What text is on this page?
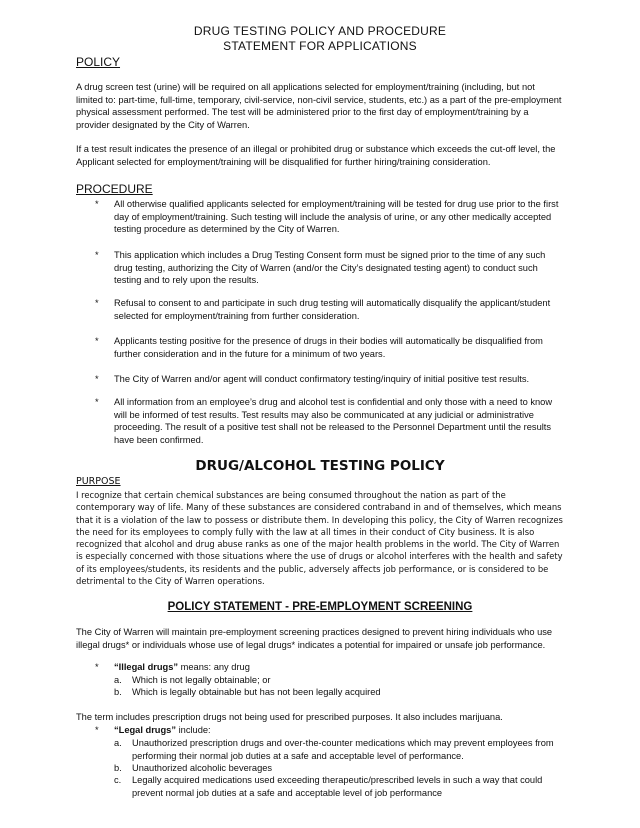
DRUG TESTING POLICY AND PROCEDURE
STATEMENT FOR APPLICATIONS
POLICY
A drug screen test (urine) will be required on all applications selected for employment/training (including, but not limited to: part-time, full-time, temporary, civil-service, non-civil service, students, etc.) as a part of the pre-employment physical assessment performed. The test will be administered prior to the first day of employment/training by a provider designated by the City of Warren.
If a test result indicates the presence of an illegal or prohibited drug or substance which exceeds the cut-off level, the Applicant selected for employment/training will be disqualified for further hiring/training consideration.
PROCEDURE
*	All otherwise qualified applicants selected for employment/training will be tested for drug use prior to the first day of employment/training. Such testing will include the analysis of urine, or any other medically accepted testing procedure as determined by the City of Warren.
*	This application which includes a Drug Testing Consent form must be signed prior to the time of any such drug testing, authorizing the City of Warren (and/or the City’s designated testing agent) to conduct such testing and to rely upon the results.
*	Refusal to consent to and participate in such drug testing will automatically disqualify the applicant/student selected for employment/training from further consideration.
*	Applicants testing positive for the presence of drugs in their bodies will automatically be disqualified from further consideration and in the future for a minimum of two years.
*	The City of Warren and/or agent will conduct confirmatory testing/inquiry of initial positive test results.
*	All information from an employee’s drug and alcohol test is confidential and only those with a need to know will be informed of test results. Test results may also be communicated at any judicial or administrative proceeding. The result of a positive test shall not be released to the Personnel Department until the results have been confirmed.
DRUG/ALCOHOL TESTING POLICY
PURPOSE
I recognize that certain chemical substances are being consumed throughout the nation as part of the contemporary way of life. Many of these substances are considered contraband in and of themselves, which means that it is a violation of the law to possess or distribute them. In developing this policy, the City of Warren recognizes the need for its employees to comply fully with the law at all times in their conduct of City business. It is also recognized that alcohol and drug abuse ranks as one of the major health problems in the world. The City of Warren is especially concerned with those situations where the use of drugs or alcohol interferes with the health and safety of its employees/students, its residents and the public, adversely affects job performance, or is considered to be detrimental to the City of Warren operations.
POLICY STATEMENT - PRE-EMPLOYMENT SCREENING
The City of Warren will maintain pre-employment screening practices designed to prevent hiring individuals who use illegal drugs* or individuals whose use of legal drugs* indicates a potential for impaired or unsafe job performance.
*	“Illegal drugs” means: any drug
a.	Which is not legally obtainable; or
b.	Which is legally obtainable but has not been legally acquired
The term includes prescription drugs not being used for prescribed purposes. It also includes marijuana.
*	“Legal drugs” include:
a.	Unauthorized prescription drugs and over-the-counter medications which may prevent employees from performing their normal job duties at a safe and acceptable level of performance.
b.	Unauthorized alcoholic beverages
c.	Legally acquired medications used exceeding therapeutic/prescribed levels in such a way that could prevent normal job duties at a safe and acceptable level of job performance
